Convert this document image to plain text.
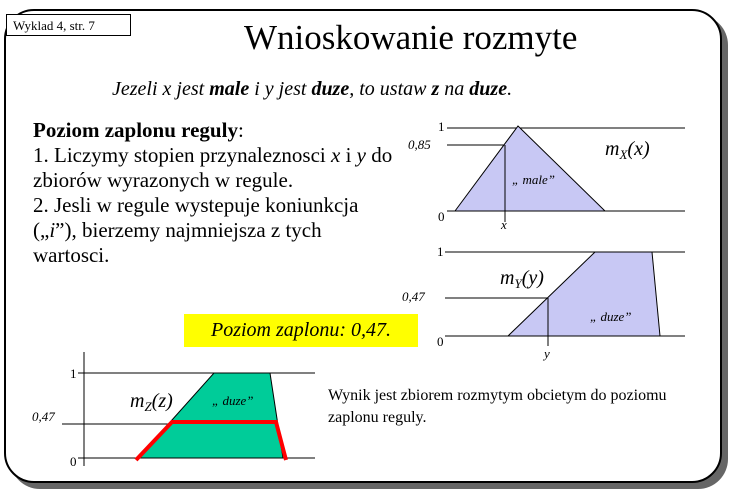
Wyklad 4, str. 7	Wnioskowanie rozmyte
Jezeli x jest male i y jest duze, to ustaw z na duze.
Poziom zaplonu reguly:
1. Liczymy stopien przynaleznosci x i y do zbiorów wyrazonych w regule.
2. Jesli w regule wystepuje koniunkcja („i”), bierzemy najmniejsza z tych wartosci.
Poziom zaplonu: 0,47.
Wynik jest zbiorem rozmytym obcietym do poziomu zaplonu reguly.
1
0,85
0
x
„ male”
$m_X(x)$
1
0,47
0
y
„ duze”
$m_Y(y)$
1
0,47
0
„ duze”
$m_Z(z)$
